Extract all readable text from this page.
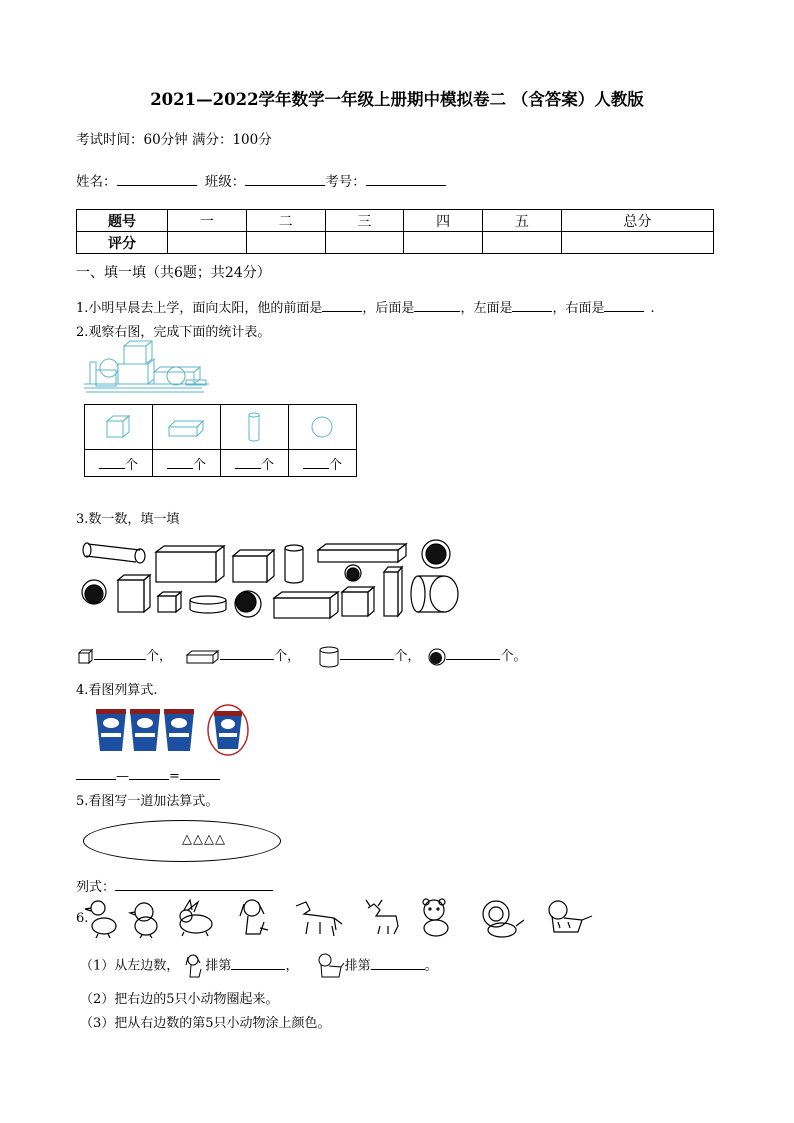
2021—2022学年数学一年级上册期中模拟卷二 （含答案）人教版
考试时间：60分钟 满分：100分
姓名：	班级：	考号：
题号	一	二	三	四	五	总分
评分						
一、填一填（共6题；共24分）
1.小明早晨去上学，面向太阳，他的前面是	，后面是	，左面是	，右面是	.
2.观察右图，完成下面的统计表。

个	个	个	个
3.数一数，填一填
个，	个，	个，	个。
4.看图列算式.
—	=
5.看图写一道加法算式。
△△△△
列式：
6.
（1）从左边数， 排第	，	排第	。
（2）把右边的5只小动物圈起来。
（3）把从右边数的第5只小动物涂上颜色。
